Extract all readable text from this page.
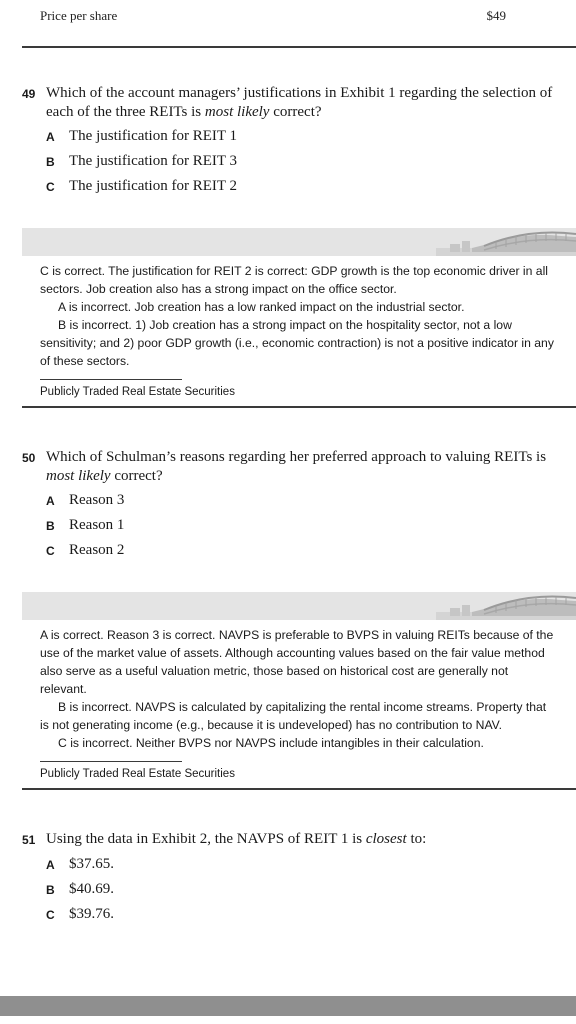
Price per share	$49
49 Which of the account managers’ justifications in Exhibit 1 regarding the selection of each of the three REITs is most likely correct?
A The justification for REIT 1
B The justification for REIT 3
C The justification for REIT 2

C is correct. The justification for REIT 2 is correct: GDP growth is the top economic driver in all sectors. Job creation also has a strong impact on the office sector.

A is incorrect. Job creation has a low ranked impact on the industrial sector.

B is incorrect. 1) Job creation has a strong impact on the hospitality sector, not a low sensitivity; and 2) poor GDP growth (i.e., economic contraction) is not a positive indicator in any of these sectors.

Publicly Traded Real Estate Securities
50 Which of Schulman’s reasons regarding her preferred approach to valuing REITs is most likely correct?
A Reason 3
B Reason 1
C Reason 2

A is correct. Reason 3 is correct. NAVPS is preferable to BVPS in valuing REITs because of the use of the market value of assets. Although accounting values based on the fair value method also serve as a useful valuation metric, those based on historical cost are generally not relevant.

B is incorrect. NAVPS is calculated by capitalizing the rental income streams. Property that is not generating income (e.g., because it is undeveloped) has no contribution to NAV.

C is incorrect. Neither BVPS nor NAVPS include intangibles in their calculation.

Publicly Traded Real Estate Securities
51 Using the data in Exhibit 2, the NAVPS of REIT 1 is closest to:
A $37.65.
B $40.69.
C $39.76.
